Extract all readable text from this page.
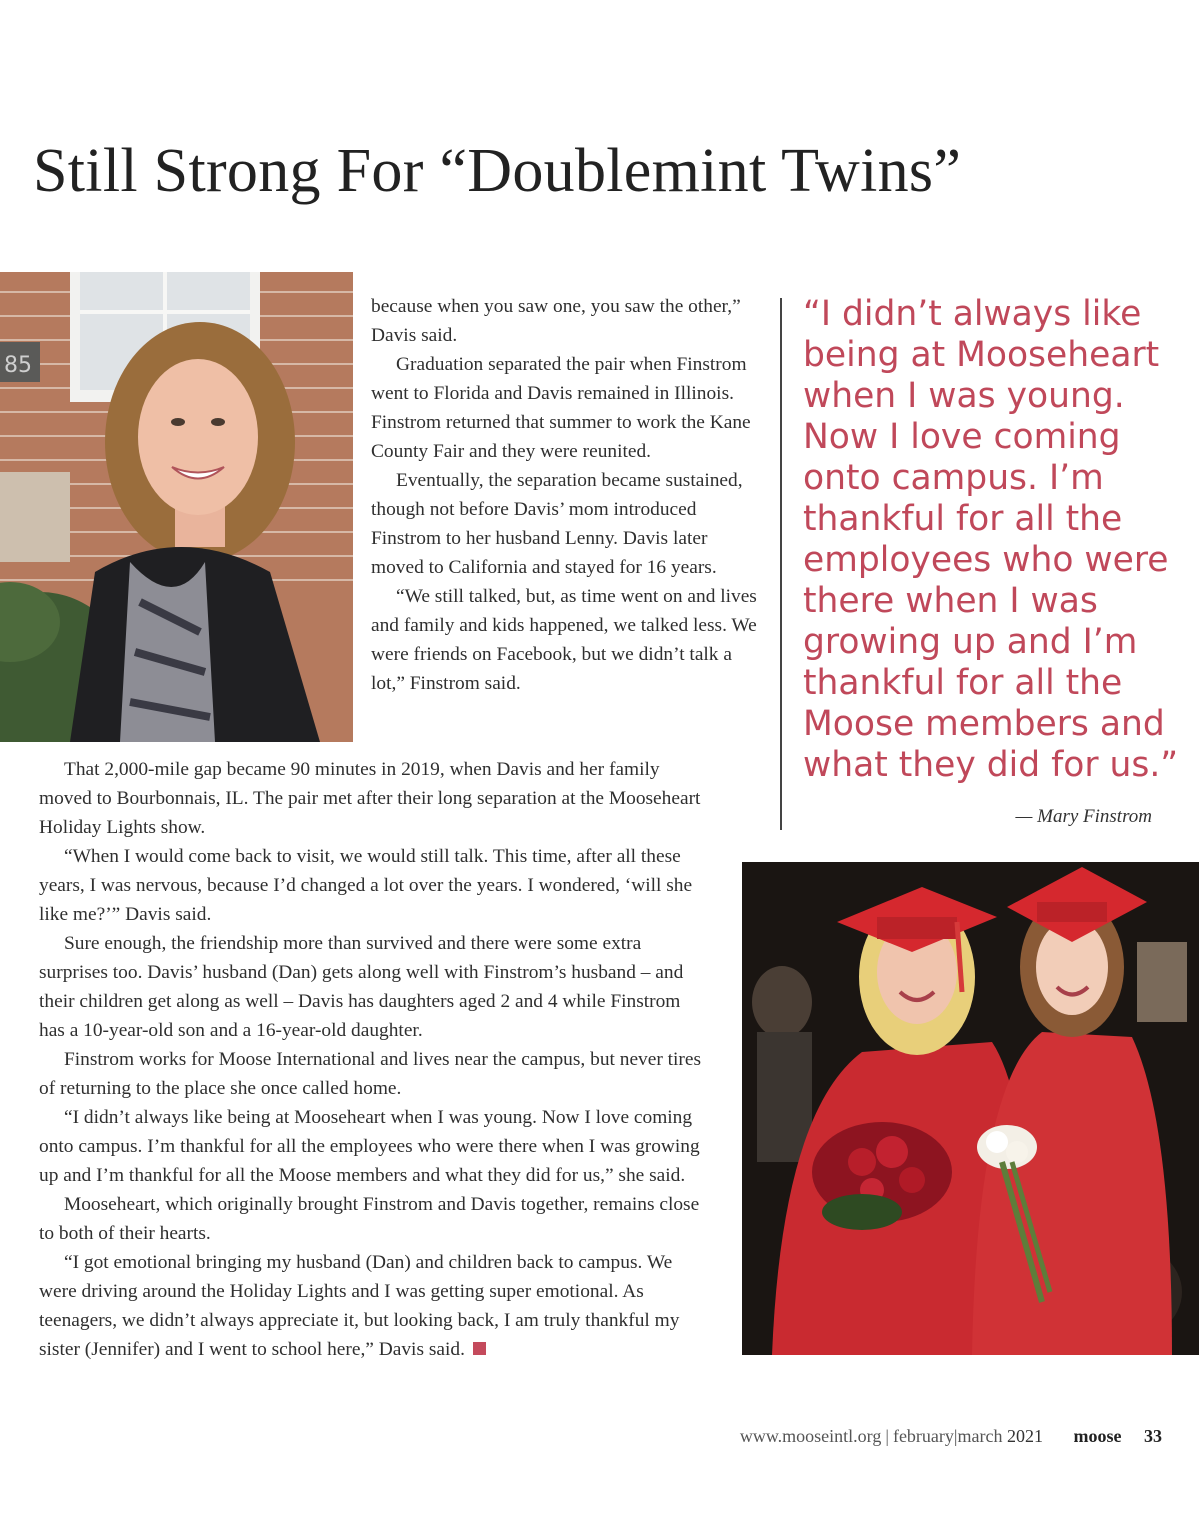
Still Strong For “Doublemint Twins”
85

because when you saw one, you saw the other,” Davis said.

Graduation separated the pair when Finstrom went to Florida and Davis remained in Illinois. Finstrom returned that summer to work the Kane County Fair and they were reunited.

Eventually, the separation became sustained, though not before Davis’ mom introduced Finstrom to her husband Lenny. Davis later moved to California and stayed for 16 years.

“We still talked, but, as time went on and lives and family and kids happened, we talked less. We were friends on Facebook, but we didn’t talk a lot,” Finstrom said.

That 2,000-mile gap became 90 minutes in 2019, when Davis and her family moved to Bourbonnais, IL. The pair met after their long separation at the Mooseheart Holiday Lights show.

“When I would come back to visit, we would still talk. This time, after all these years, I was nervous, because I’d changed a lot over the years. I wondered, ‘will she like me?’” Davis said.

Sure enough, the friendship more than survived and there were some extra surprises too. Davis’ husband (Dan) gets along well with Finstrom’s husband – and their children get along as well – Davis has daughters aged 2 and 4 while Finstrom has a 10-year-old son and a 16-year-old daughter.

Finstrom works for Moose International and lives near the campus, but never tires of returning to the place she once called home.

“I didn’t always like being at Mooseheart when I was young. Now I love coming onto campus. I’m thankful for all the employees who were there when I was growing up and I’m thankful for all the Moose members and what they did for us,” she said.

Mooseheart, which originally brought Finstrom and Davis together, remains close to both of their hearts.

“I got emotional bringing my husband (Dan) and children back to campus. We were driving around the Holiday Lights and I was getting super emotional. As teenagers, we didn’t always appreciate it, but looking back, I am truly thankful my sister (Jennifer) and I went to school here,” Davis said.

“I didn’t always like being at Mooseheart when I was young. Now I love coming onto campus. I’m thankful for all the employees who were there when I was growing up and I’m thankful for all the Moose members and what they did for us.”

— Mary Finstrom
www.mooseintl.org | february|march 2021 moose 33
